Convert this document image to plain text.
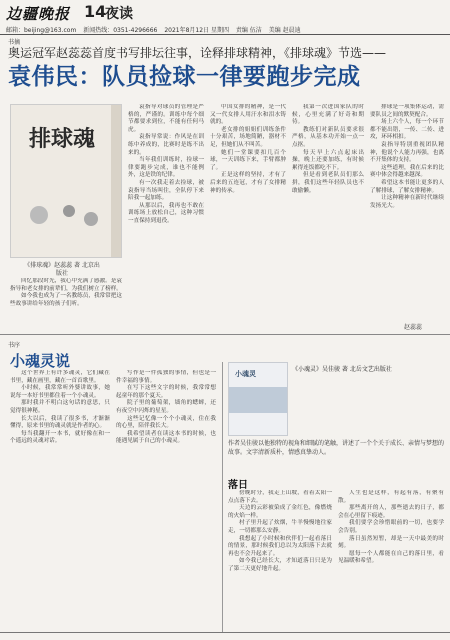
边疆晚报 14
夜读
邮箱：beijing@163.com 新闻热线：0351-4296666 2021年8月12日 星期四 责编 伍洁 美编 赵晨迪
书摘
奥运冠军赵蕊蕊首度书写排坛往事，诠释排球精神，《排球魂》节选——
袁伟民：队员捡球一律要跑步完成
排球魂
《排球魂》赵蕊蕊 著 北京出版社

袁指导对球员的管理是严格的，严谨的。训练中每个细节都要求到位，不能有任何马虎。

袁指导常说：作风是在训练中养成的，比赛时是练不出来的。

当年我们训练时，捡球一律要跑步完成，谁也不能例外，这是铁的纪律。

有一次我走着去捡球，被袁指导当场叫住，全队停下来陪我一起加练。

从那以后，我再也不敢在训练场上放松自己，这种习惯一直保持到退役。

中国女排的精神，是一代又一代女排人用汗水和泪水铸就的。

老女排的姐姐们训练条件十分艰苦，场地简陋，器材不足，但她们从不叫苦。

她们一堂课要扣几百个球，一天训练下来，手臂都肿了。

正是这样的坚持，才有了后来的五连冠，才有了女排精神的传承。

我第一次进国家队的时候，心里充满了好奇和期待。

教练们对新队员要求很严格，从基本功开始一点一点抠。

每天早上六点起床出操，晚上还要加练，有时候累得连饭都吃不下。

但是看到老队员们那么拼，我们这些年轻队员也不敢偷懒。

排球是一项集体运动，需要队员之间的默契配合。

场上六个人，每一个环节都不能出错，一传、二传、进攻，环环相扣。

袁指导特别重视团队精神，他说个人能力再强，也离不开集体的支持。

这些道理，我在后来的比赛中体会得越来越深。

希望这本书能让更多的人了解排球，了解女排精神。

让这种精神在新时代继续发扬光大。

回忆那段时光，我心中充满了感激。是袁指导和老女排的前辈们，为我们树立了榜样。

如今我也成为了一名教练员，我常常把这些故事讲给年轻的孩子们听。

赵蕊蕊
书序
小魂灵说

这个世界上有许多魂灵，它们藏在书里，藏在画里，藏在一首首歌里。

小时候，我常常听外婆讲故事，她说每一本好书里都住着一个小魂灵。

那时我并不明白这句话的意思，只觉得很神秘。

长大以后，我读了很多书，才渐渐懂得，原来书里的魂灵就是作者的心。

每当我翻开一本书，就好像在和一个遥远的灵魂对话。

写作是一件孤独的事情，但也是一件幸福的事情。

在写下这些文字的时候，我常常想起童年的那个夏天。

院子里的葡萄架，墙角的蟋蟀，还有夜空中闪烁的星星。

这些记忆像一个个小魂灵，住在我的心里，陪伴我长大。

我希望读者在读这本书的时候，也能遇见属于自己的小魂灵。

小魂灵	《小魂灵》吴佳骏 著 北岳文艺出版社
作者吴佳骏以他独特的视角和细腻的笔触，讲述了一个个关于成长、亲情与梦想的故事。文字清新质朴，情感真挚动人。
落日

傍晚时分，我走上山坡，看着太阳一点点落下去。

天边的云彩被染成了金红色，像燃烧的火焰一样。

村子里升起了炊烟，牛羊慢慢地往家走，一切都那么安静。

我想起了小时候和伙伴们一起看落日的情景，那时候我们总以为太阳落下去就再也不会升起来了。

如今我已经长大，才知道落日只是为了第二天更好地升起。

人生也是这样，有起有落，有聚有散。

那些离开的人，那些逝去的日子，都会在心里留下痕迹。

我们要学会珍惜眼前的一切，也要学会告别。

落日虽然短暂，却是一天中最美的时刻。

愿每一个人都能在自己的落日里，看见温暖和希望。
